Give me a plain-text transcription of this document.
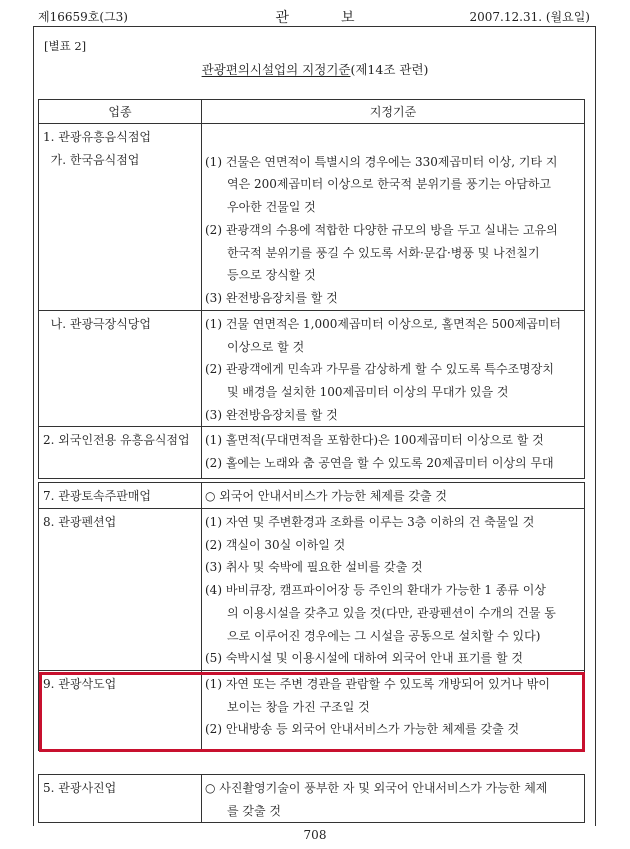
제16659호(그3)	관보	2007.12.31. (월요일)
[별표 2]
관광편의시설업의 지정기준(제14조 관련)
업종	지정기준
1. 관광유흥음식점업
가. 한국음식점업	(1) 건물은 연면적이 특별시의 경우에는 330제곱미터 이상, 기타 지
역은 200제곱미터 이상으로 한국적 분위기를 풍기는 아담하고
우아한 건물일 것
(2) 관광객의 수용에 적합한 다양한 규모의 방을 두고 실내는 고유의
한국적 분위기를 풍길 수 있도록 서화·문갑·병풍 및 나전칠기
등으로 장식할 것
(3) 완전방음장치를 할 것
나. 관광극장식당업	(1) 건물 연면적은 1,000제곱미터 이상으로, 홀면적은 500제곱미터
이상으로 할 것
(2) 관광객에게 민속과 가무를 감상하게 할 수 있도록 특수조명장치
및 배경을 설치한 100제곱미터 이상의 무대가 있을 것
(3) 완전방음장치를 할 것
2. 외국인전용 유흥음식점업 (1) 홀면적(무대면적을 포함한다)은 100제곱미터 이상으로 할 것
(2) 홀에는 노래와 춤 공연을 할 수 있도록 20제곱미터 이상의 무대
7. 관광토속주판매업	○ 외국어 안내서비스가 가능한 체제를 갖출 것
8. 관광펜션업	(1) 자연 및 주변환경과 조화를 이루는 3층 이하의 건 축물일 것
(2) 객실이 30실 이하일 것
(3) 취사 및 숙박에 필요한 설비를 갖출 것
(4) 바비큐장, 캠프파이어장 등 주인의 환대가 가능한 1 종류 이상
의 이용시설을 갖추고 있을 것(다만, 관광펜션이 수개의 건물 동
으로 이루어진 경우에는 그 시설을 공동으로 설치할 수 있다)
(5) 숙박시설 및 이용시설에 대하여 외국어 안내 표기를 할 것
9. 관광삭도업	(1) 자연 또는 주변 경관을 관람할 수 있도록 개방되어 있거나 밖이
보이는 창을 가진 구조일 것
(2) 안내방송 등 외국어 안내서비스가 가능한 체제를 갖출 것
5. 관광사진업	○ 사진촬영기술이 풍부한 자 및 외국어 안내서비스가 가능한 체제
를 갖출 것
708
